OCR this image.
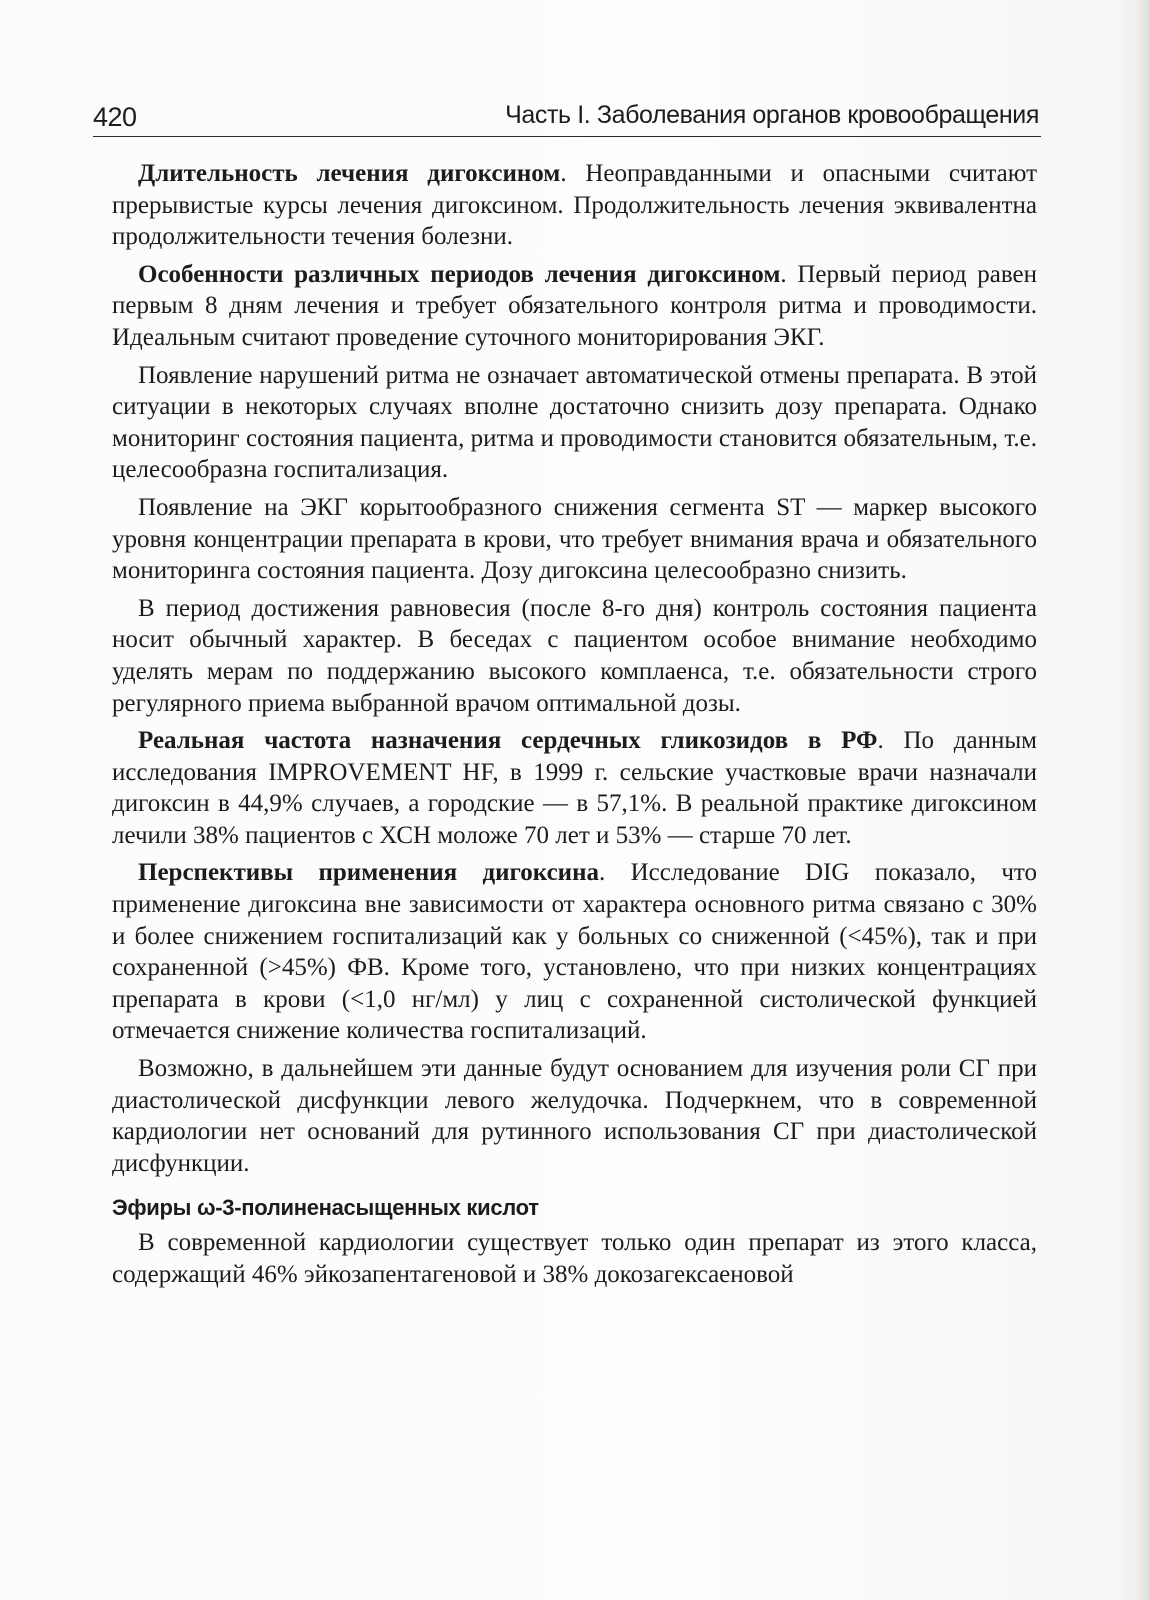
420	Часть I. Заболевания органов кровообращения

Длительность лечения дигоксином. Неоправданными и опасными считают прерывистые курсы лечения дигоксином. Продолжительность лечения эквивалентна продолжительности течения болезни.

Особенности различных периодов лечения дигоксином. Первый период равен первым 8 дням лечения и требует обязательного контроля ритма и проводимости. Идеальным считают проведение суточного мониторирования ЭКГ.

Появление нарушений ритма не означает автоматической отмены препарата. В этой ситуации в некоторых случаях вполне достаточно снизить дозу препарата. Однако мониторинг состояния пациента, ритма и проводимости становится обязательным, т.е. целесообразна госпитализация.

Появление на ЭКГ корытообразного снижения сегмента ST — маркер высокого уровня концентрации препарата в крови, что требует внимания врача и обязательного мониторинга состояния пациента. Дозу дигоксина целесообразно снизить.

В период достижения равновесия (после 8-го дня) контроль состояния пациента носит обычный характер. В беседах с пациентом особое внимание необходимо уделять мерам по поддержанию высокого комплаенса, т.е. обязательности строго регулярного приема выбранной врачом оптимальной дозы.

Реальная частота назначения сердечных гликозидов в РФ. По данным исследования IMPROVEMENT HF, в 1999 г. сельские участковые врачи назначали дигоксин в 44,9% случаев, а городские — в 57,1%. В реальной практике дигоксином лечили 38% пациентов с ХСН моложе 70 лет и 53% — старше 70 лет.

Перспективы применения дигоксина. Исследование DIG показало, что применение дигоксина вне зависимости от характера основного ритма связано с 30% и более снижением госпитализаций как у больных со сниженной (<45%), так и при сохраненной (>45%) ФВ. Кроме того, установлено, что при низких концентрациях препарата в крови (<1,0 нг/мл) у лиц с сохраненной систолической функцией отмечается снижение количества госпитализаций.

Возможно, в дальнейшем эти данные будут основанием для изучения роли СГ при диастолической дисфункции левого желудочка. Подчеркнем, что в современной кардиологии нет оснований для рутинного использования СГ при диастолической дисфункции.

Эфиры ω-3-полиненасыщенных кислот

В современной кардиологии существует только один препарат из этого класса, содержащий 46% эйкозапентагеновой и 38% докозагексаеновой
